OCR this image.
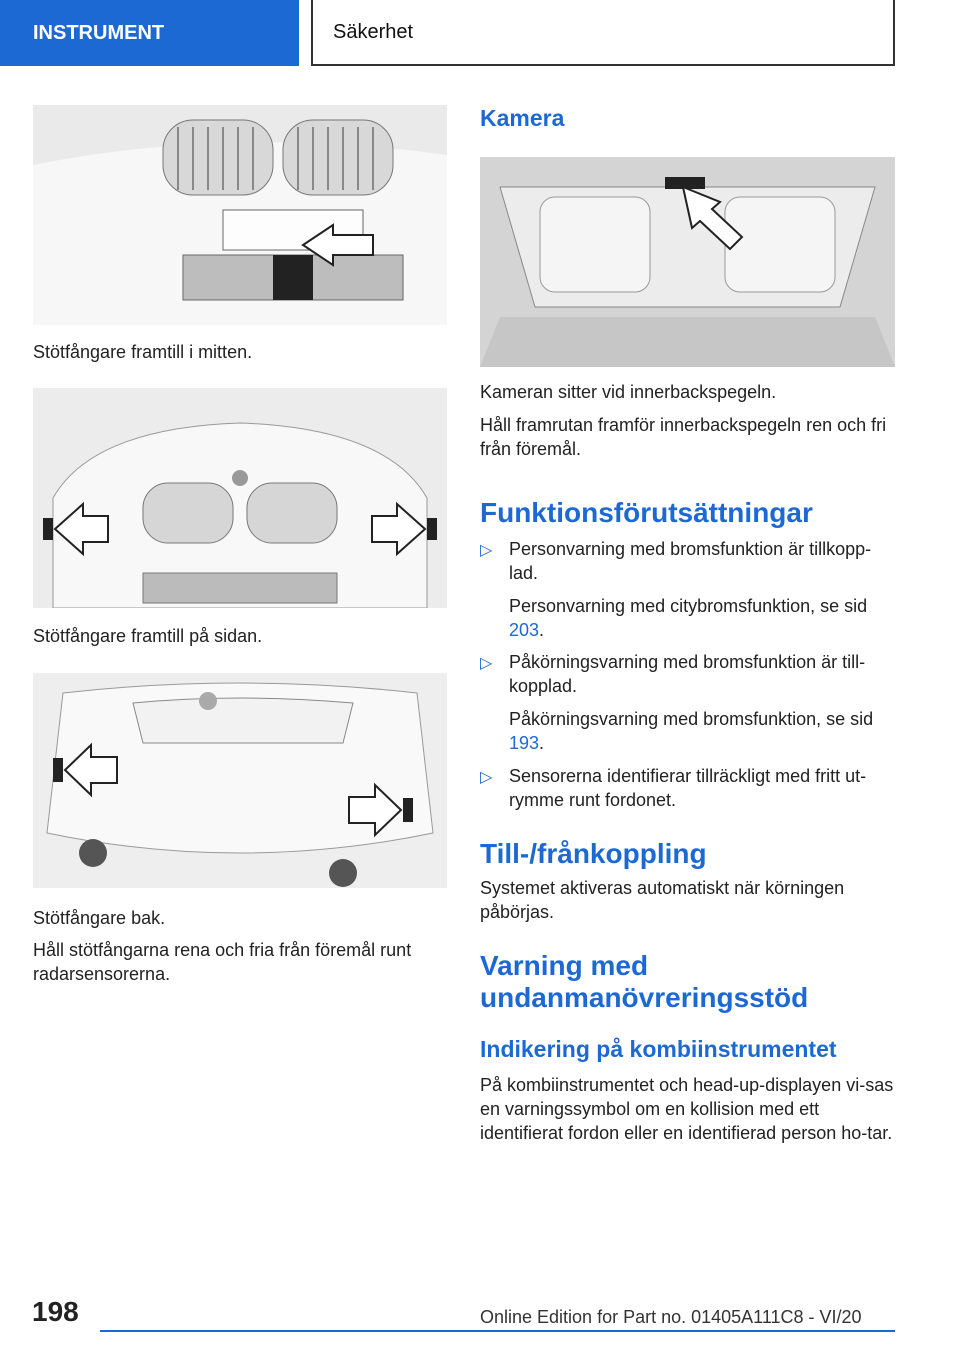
INSTRUMENT	Säkerhet
Stötfångare framtill i mitten.
Stötfångare framtill på sidan.
Stötfångare bak.
Håll stötfångarna rena och fria från föremål runt radarsensorerna.
Kamera
Kameran sitter vid innerbackspegeln.
Håll framrutan framför innerbackspegeln ren och fri från föremål.
Funktionsförutsättningar
▷ Personvarning med bromsfunktion är tillkopp-lad.
Personvarning med citybromsfunktion, se sid 203.
▷ Påkörningsvarning med bromsfunktion är till-kopplad.
Påkörningsvarning med bromsfunktion, se sid 193.
▷ Sensorerna identifierar tillräckligt med fritt ut-rymme runt fordonet.
Till-/frånkoppling
Systemet aktiveras automatiskt när körningen påbörjas.
Varning med undanmanövreringsstöd
Indikering på kombiinstrumentet
På kombiinstrumentet och head-up-displayen vi-sas en varningssymbol om en kollision med ett identifierat fordon eller en identifierad person ho-tar.
198	Online Edition for Part no. 01405A111C8 - VI/20
